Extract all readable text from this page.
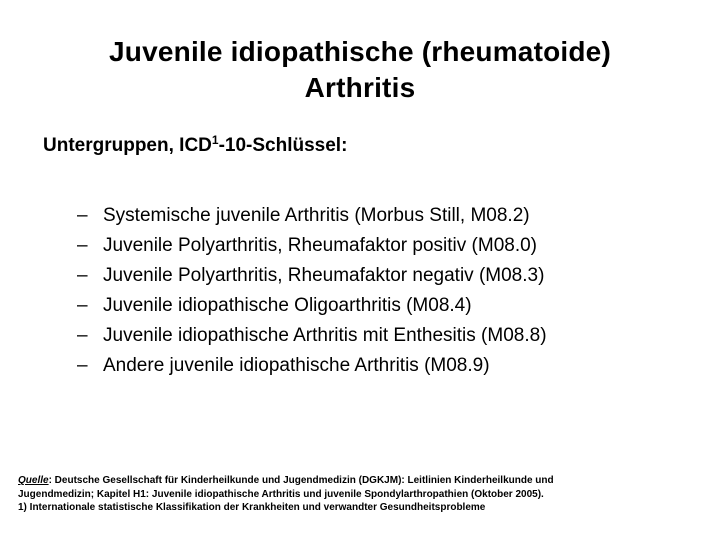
Juvenile idiopathische (rheumatoide)
Arthritis
Untergruppen, ICD$^1$-10-Schlüssel:
– Systemische juvenile Arthritis (Morbus Still, M08.2)
– Juvenile Polyarthritis, Rheumafaktor positiv (M08.0)
– Juvenile Polyarthritis, Rheumafaktor negativ (M08.3)
– Juvenile idiopathische Oligoarthritis (M08.4)
– Juvenile idiopathische Arthritis mit Enthesitis (M08.8)
– Andere juvenile idiopathische Arthritis (M08.9)
Quelle: Deutsche Gesellschaft für Kinderheilkunde und Jugendmedizin (DGKJM): Leitlinien Kinderheilkunde und
Jugendmedizin; Kapitel H1: Juvenile idiopathische Arthritis und juvenile Spondylarthropathien (Oktober 2005).
1) Internationale statistische Klassifikation der Krankheiten und verwandter Gesundheitsprobleme
